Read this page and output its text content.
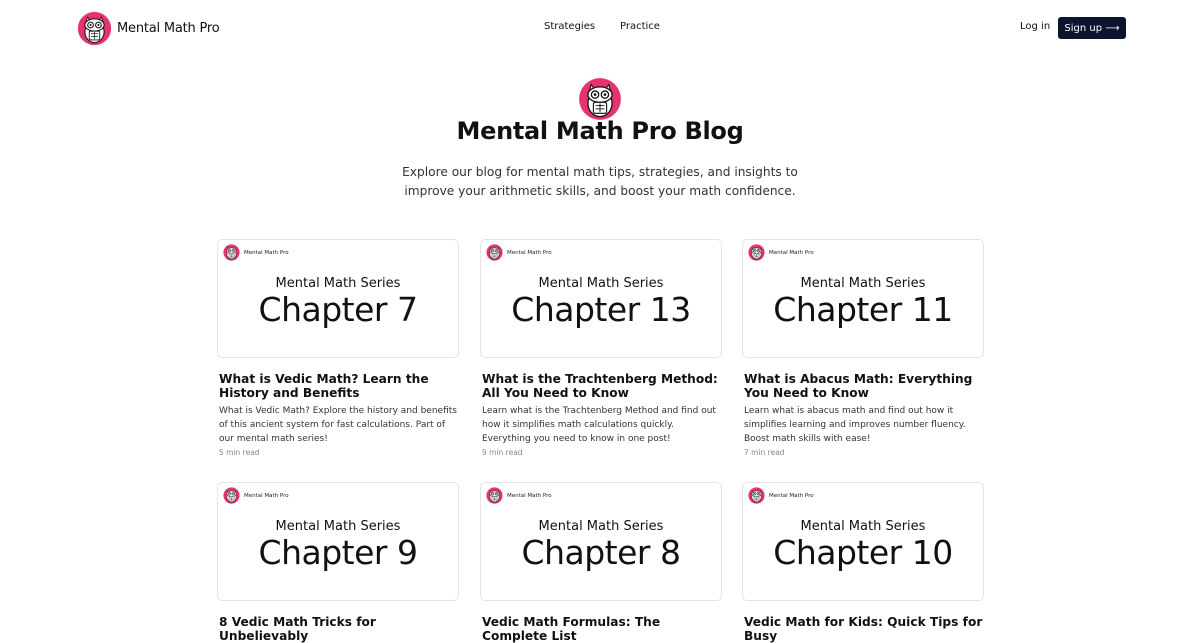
Mental Math Pro	Strategies Practice	Log in	Sign up ⟶
Mental Math Pro Blog

Explore our blog for mental math tips, strategies, and insights to improve your arithmetic skills, and boost your math confidence.

Mental Math Pro
Mental Math Series
Chapter 7
What is Vedic Math? Learn the History and Benefits
What is Vedic Math? Explore the history and benefits of this ancient system for fast calculations. Part of our mental math series!
5 min read
Mental Math Pro
Mental Math Series
Chapter 13
What is the Trachtenberg Method: All You Need to Know
Learn what is the Trachtenberg Method and find out how it simplifies math calculations quickly. Everything you need to know in one post!
9 min read
Mental Math Pro
Mental Math Series
Chapter 11
What is Abacus Math: Everything You Need to Know
Learn what is abacus math and find out how it simplifies learning and improves number fluency. Boost math skills with ease!
7 min read
Mental Math Pro
Mental Math Series
Chapter 9
8 Vedic Math Tricks for Unbelievably
Mental Math Pro
Mental Math Series
Chapter 8
Vedic Math Formulas: The Complete List
Mental Math Pro
Mental Math Series
Chapter 10
Vedic Math for Kids: Quick Tips for Busy
